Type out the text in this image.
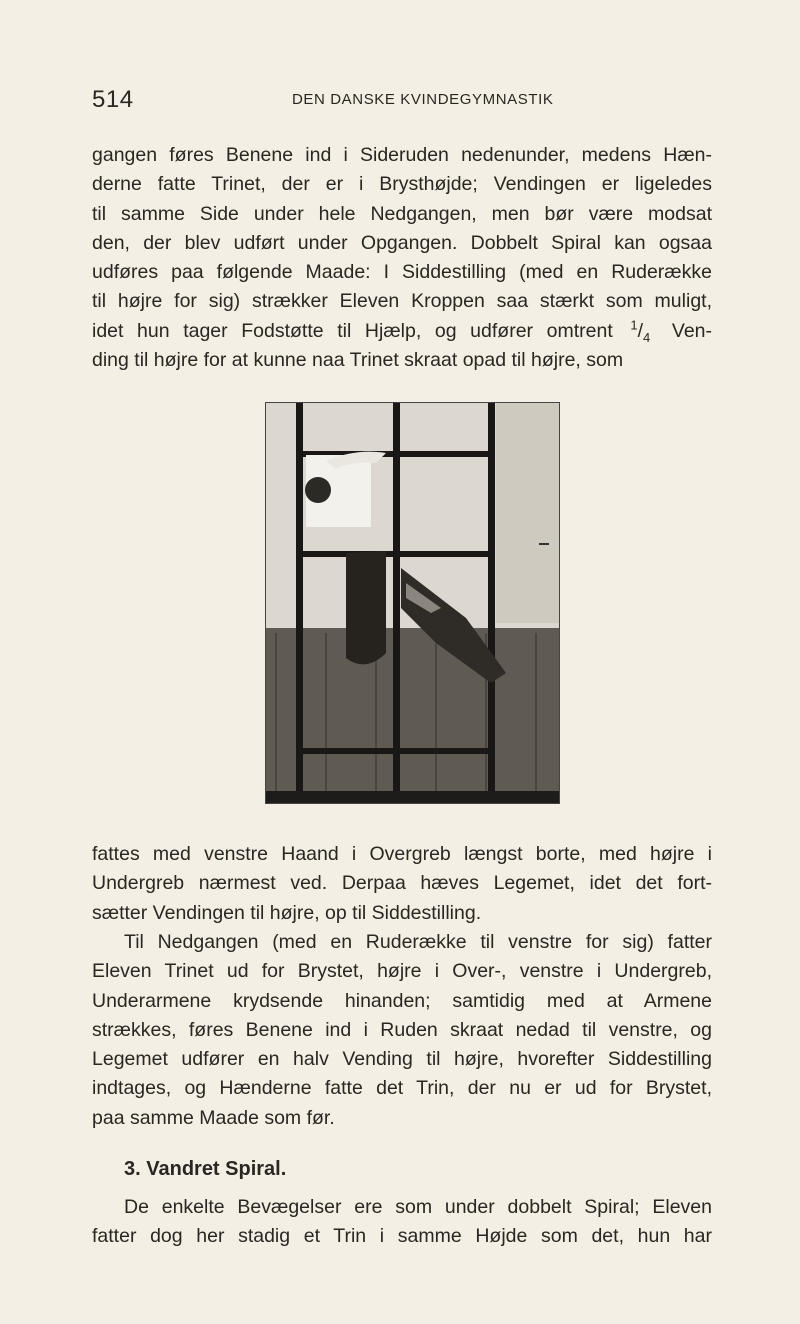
514	DEN DANSKE KVINDEGYMNASTIK
gangen føres Benene ind i Sideruden nedenunder, medens Hæn-
derne fatte Trinet, der er i Brysthøjde; Vendingen er ligeledes
til samme Side under hele Nedgangen, men bør være modsat
den, der blev udført under Opgangen. Dobbelt Spiral kan ogsaa
udføres paa følgende Maade: I Siddestilling (med en Ruderække
til højre for sig) strækker Eleven Kroppen saa stærkt som muligt,
idet hun tager Fodstøtte til Hjælp, og udfører omtrent $^1/_4$ Ven-
ding til højre for at kunne naa Trinet skraat opad til højre, som
fattes med venstre Haand i Overgreb længst borte, med højre i
Undergreb nærmest ved. Derpaa hæves Legemet, idet det fort-
sætter Vendingen til højre, op til Siddestilling.
Til Nedgangen (med en Ruderække til venstre for sig) fatter
Eleven Trinet ud for Brystet, højre i Over-, venstre i Undergreb,
Underarmene krydsende hinanden; samtidig med at Armene
strækkes, føres Benene ind i Ruden skraat nedad til venstre, og
Legemet udfører en halv Vending til højre, hvorefter Siddestilling
indtages, og Hænderne fatte det Trin, der nu er ud for Brystet,
paa samme Maade som før.
3. Vandret Spiral.
De enkelte Bevægelser ere som under dobbelt Spiral; Eleven
fatter dog her stadig et Trin i samme Højde som det, hun har
